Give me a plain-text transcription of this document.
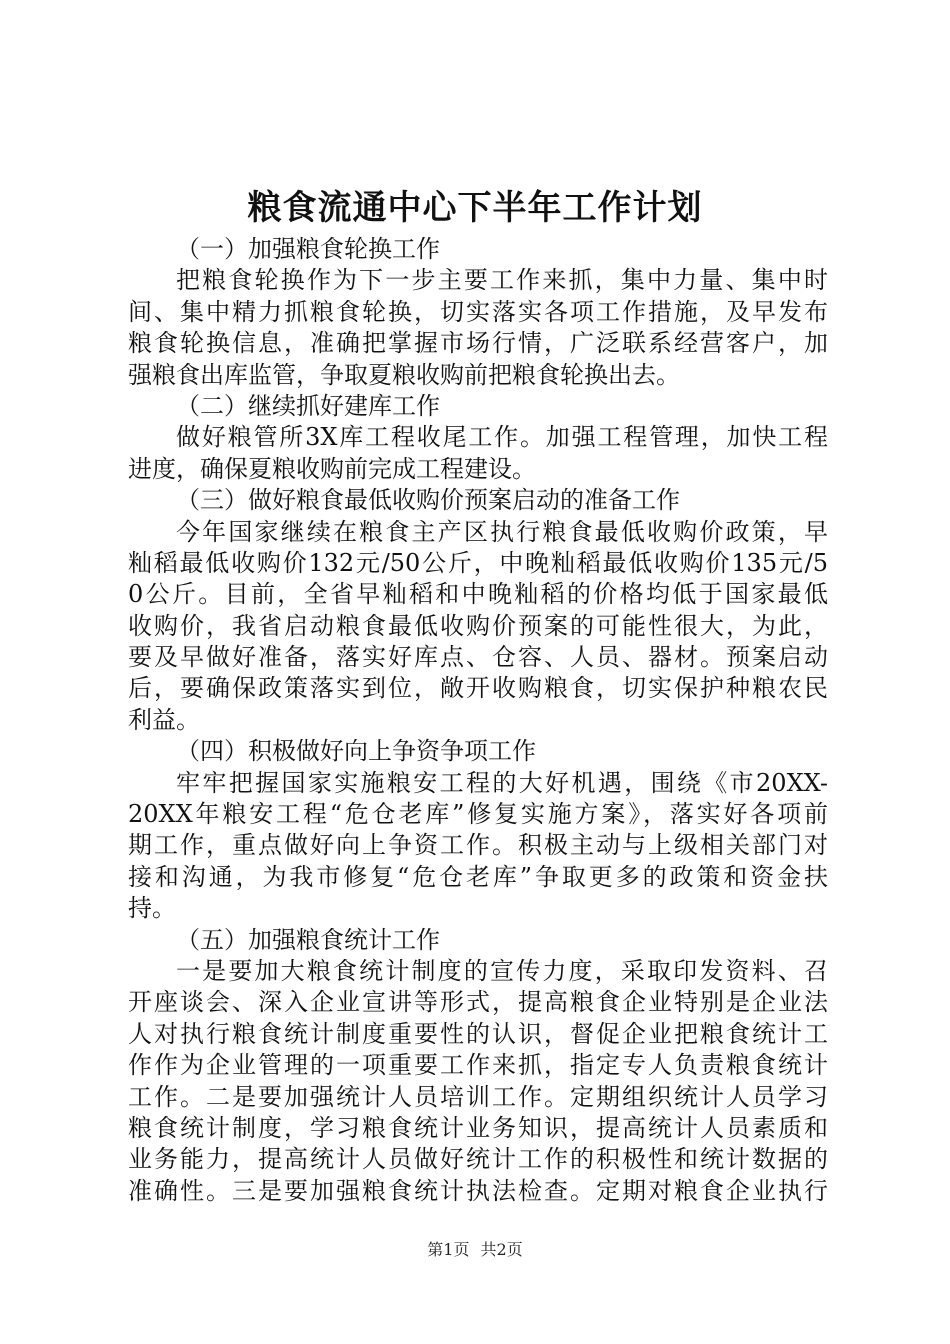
粮食流通中心下半年工作计划
（一）加强粮食轮换工作
把粮食轮换作为下一步主要工作来抓，集中力量、集中时
间、集中精力抓粮食轮换，切实落实各项工作措施，及早发布
粮食轮换信息，准确把掌握市场行情，广泛联系经营客户，加
强粮食出库监管，争取夏粮收购前把粮食轮换出去。
（二）继续抓好建库工作
做好粮管所3X库工程收尾工作。加强工程管理，加快工程
进度，确保夏粮收购前完成工程建设。
（三）做好粮食最低收购价预案启动的准备工作
今年国家继续在粮食主产区执行粮食最低收购价政策，早
籼稻最低收购价132元/50公斤，中晚籼稻最低收购价135元/5
0公斤。目前，全省早籼稻和中晚籼稻的价格均低于国家最低
收购价，我省启动粮食最低收购价预案的可能性很大，为此，
要及早做好准备，落实好库点、仓容、人员、器材。预案启动
后，要确保政策落实到位，敞开收购粮食，切实保护种粮农民
利益。
（四）积极做好向上争资争项工作
牢牢把握国家实施粮安工程的大好机遇，围绕《市20XX-
20XX年粮安工程“危仓老库”修复实施方案》，落实好各项前
期工作，重点做好向上争资工作。积极主动与上级相关部门对
接和沟通，为我市修复“危仓老库”争取更多的政策和资金扶
持。
（五）加强粮食统计工作
一是要加大粮食统计制度的宣传力度，采取印发资料、召
开座谈会、深入企业宣讲等形式，提高粮食企业特别是企业法
人对执行粮食统计制度重要性的认识，督促企业把粮食统计工
作作为企业管理的一项重要工作来抓，指定专人负责粮食统计
工作。二是要加强统计人员培训工作。定期组织统计人员学习
粮食统计制度，学习粮食统计业务知识，提高统计人员素质和
业务能力，提高统计人员做好统计工作的积极性和统计数据的
准确性。三是要加强粮食统计执法检查。定期对粮食企业执行
第1页 共2页
